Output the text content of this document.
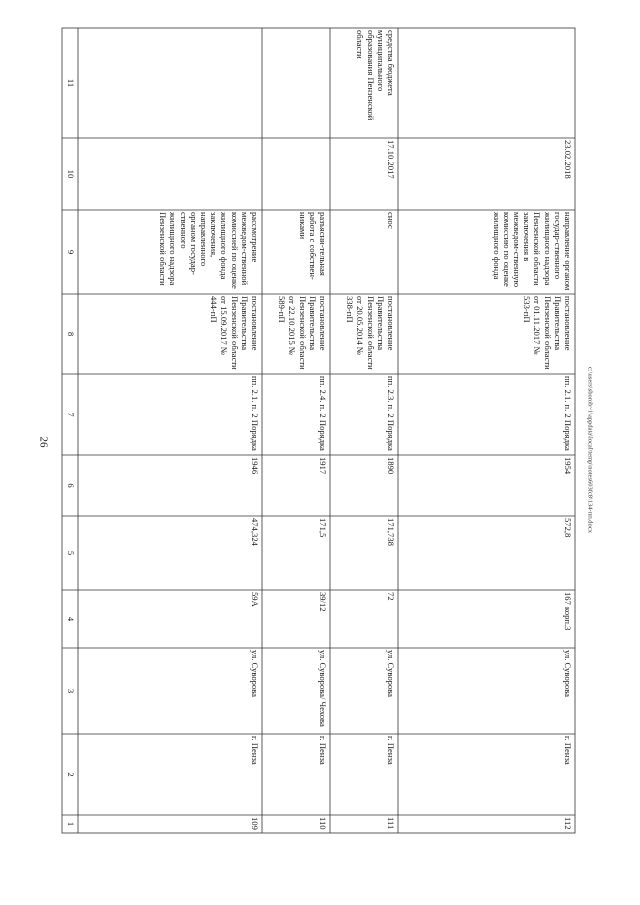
26	c:\users\sborob~1\appdata\local\temp\notes603fc8\134-пп.docx
1
2
3
4
5
6
7
8
9
10
11
109
г. Пенза
ул. Суворова
59А
474,324
1946
пп. 2.1. п. 2 Порядка
постановление Правительства Пензенской области от 15.09.2017 № 444-пП
рассмотрение межведом-ственной комиссией по оценке жилищного фонда заключения, направленного органом государ-ственного жилищного надзора Пензенской области
110
г. Пенза
ул. Суворова/ Чехова
39/12
171,5
1917
пп. 2.4. п. 2 Порядка
постановление Правительства Пензенской области от 22.10.2015 № 589-пП
разъясни-тельная работа с собствен-никами
111
г. Пенза
ул. Суворова
72
171,738
1890
пп. 2.3. п. 2 Порядка
постановление Правительства Пензенской области от 20.05.2014 № 338-пП
снос
17.10.2017
средства бюджета муниципального образования Пензенской области
112
г. Пенза
ул. Суворова
167 корп.3
572,8
1954
пп. 2.1. п. 2 Порядка
постановление Правительства Пензенской области от 01.11.2017 № 533-пП
направление органом государ-ственного жилищного надзора Пензенской области заключения в межведом-ственную комиссию по оценке жилищного фонда
23.02.2018
